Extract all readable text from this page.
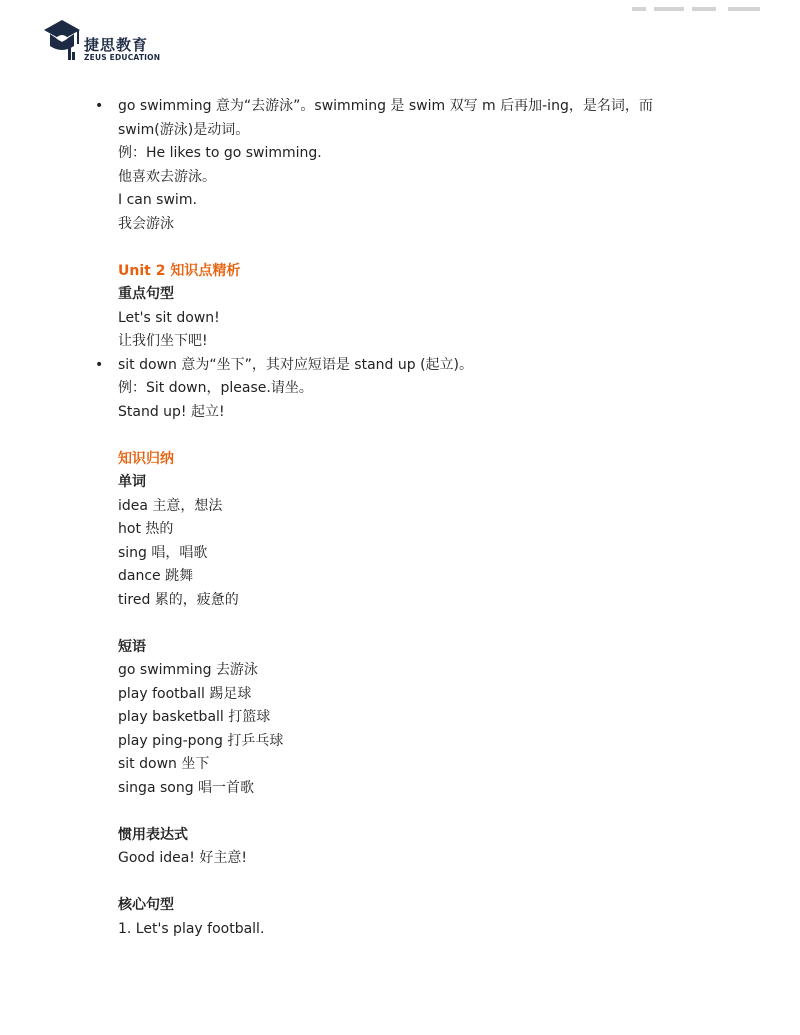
捷思教育
ZEUS EDUCATION
• go swimming 意为“去游泳”。swimming 是 swim 双写 m 后再加-ing，是名词，而
swim(游泳)是动词。
例：He likes to go swimming.
他喜欢去游泳。
I can swim.
我会游泳
Unit 2 知识点精析
重点句型
Let's sit down!
让我们坐下吧!
• sit down 意为“坐下”，其对应短语是 stand up (起立)。
例：Sit down，please.请坐。
Stand up! 起立!
知识归纳
单词
idea 主意，想法
hot 热的
sing 唱，唱歌
dance 跳舞
tired 累的，疲惫的
短语
go swimming 去游泳
play football 踢足球
play basketball 打篮球
play ping-pong 打乒乓球
sit down 坐下
singa song 唱一首歌
惯用表达式
Good idea! 好主意!
核心句型
1. Let's play football.
